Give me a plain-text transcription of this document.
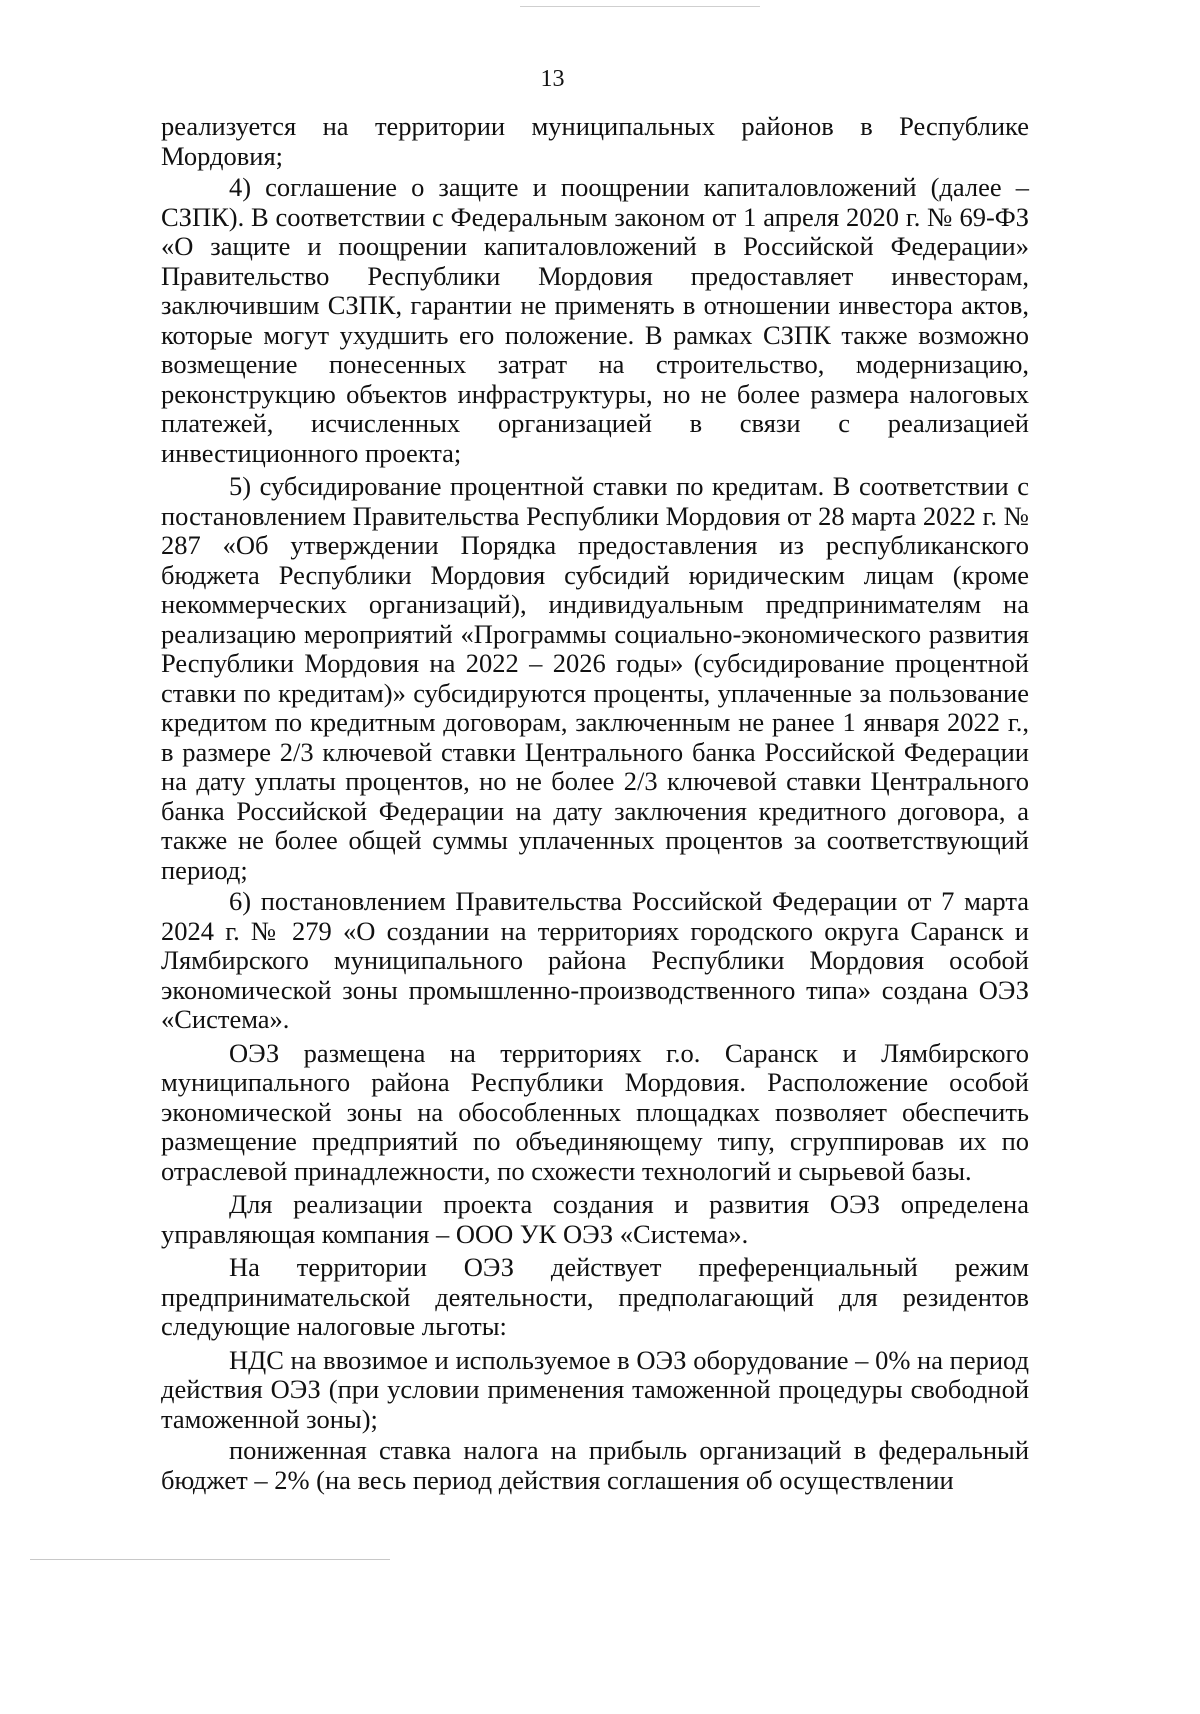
13

реализуется на территории муниципальных районов в Республике Мордовия;

4) соглашение о защите и поощрении капиталовложений (далее – СЗПК). В соответствии с Федеральным законом от 1 апреля 2020 г. № 69-ФЗ «О защите и поощрении капиталовложений в Российской Федерации» Правительство Республики Мордовия предоставляет инвесторам, заключившим СЗПК, гарантии не применять в отношении инвестора актов, которые могут ухудшить его положение. В рамках СЗПК также возможно возмещение понесенных затрат на строительство, модернизацию, реконструкцию объектов инфраструктуры, но не более размера налоговых платежей, исчисленных организацией в связи с реализацией инвестиционного проекта;

5) субсидирование процентной ставки по кредитам. В соответствии с постановлением Правительства Республики Мордовия от 28 марта 2022 г. № 287 «Об утверждении Порядка предоставления из республиканского бюджета Республики Мордовия субсидий юридическим лицам (кроме некоммерческих организаций), индивидуальным предпринимателям на реализацию мероприятий «Программы социально-экономического развития Республики Мордовия на 2022 – 2026 годы» (субсидирование процентной ставки по кредитам)» субсидируются проценты, уплаченные за пользование кредитом по кредитным договорам, заключенным не ранее 1 января 2022 г., в размере 2/3 ключевой ставки Центрального банка Российской Федерации на дату уплаты процентов, но не более 2/3 ключевой ставки Центрального банка Российской Федерации на дату заключения кредитного договора, а также не более общей суммы уплаченных процентов за соответствующий период;

6) постановлением Правительства Российской Федерации от 7 марта 2024 г. № 279 «О создании на территориях городского округа Саранск и Лямбирского муниципального района Республики Мордовия особой экономической зоны промышленно-производственного типа» создана ОЭЗ «Система».

ОЭЗ размещена на территориях г.о. Саранск и Лямбирского муниципального района Республики Мордовия. Расположение особой экономической зоны на обособленных площадках позволяет обеспечить размещение предприятий по объединяющему типу, сгруппировав их по отраслевой принадлежности, по схожести технологий и сырьевой базы.

Для реализации проекта создания и развития ОЭЗ определена управляющая компания – ООО УК ОЭЗ «Система».

На территории ОЭЗ действует преференциальный режим предпринимательской деятельности, предполагающий для резидентов следующие налоговые льготы:

НДС на ввозимое и используемое в ОЭЗ оборудование – 0% на период действия ОЭЗ (при условии применения таможенной процедуры свободной таможенной зоны);

пониженная ставка налога на прибыль организаций в федеральный бюджет – 2% (на весь период действия соглашения об осуществлении
